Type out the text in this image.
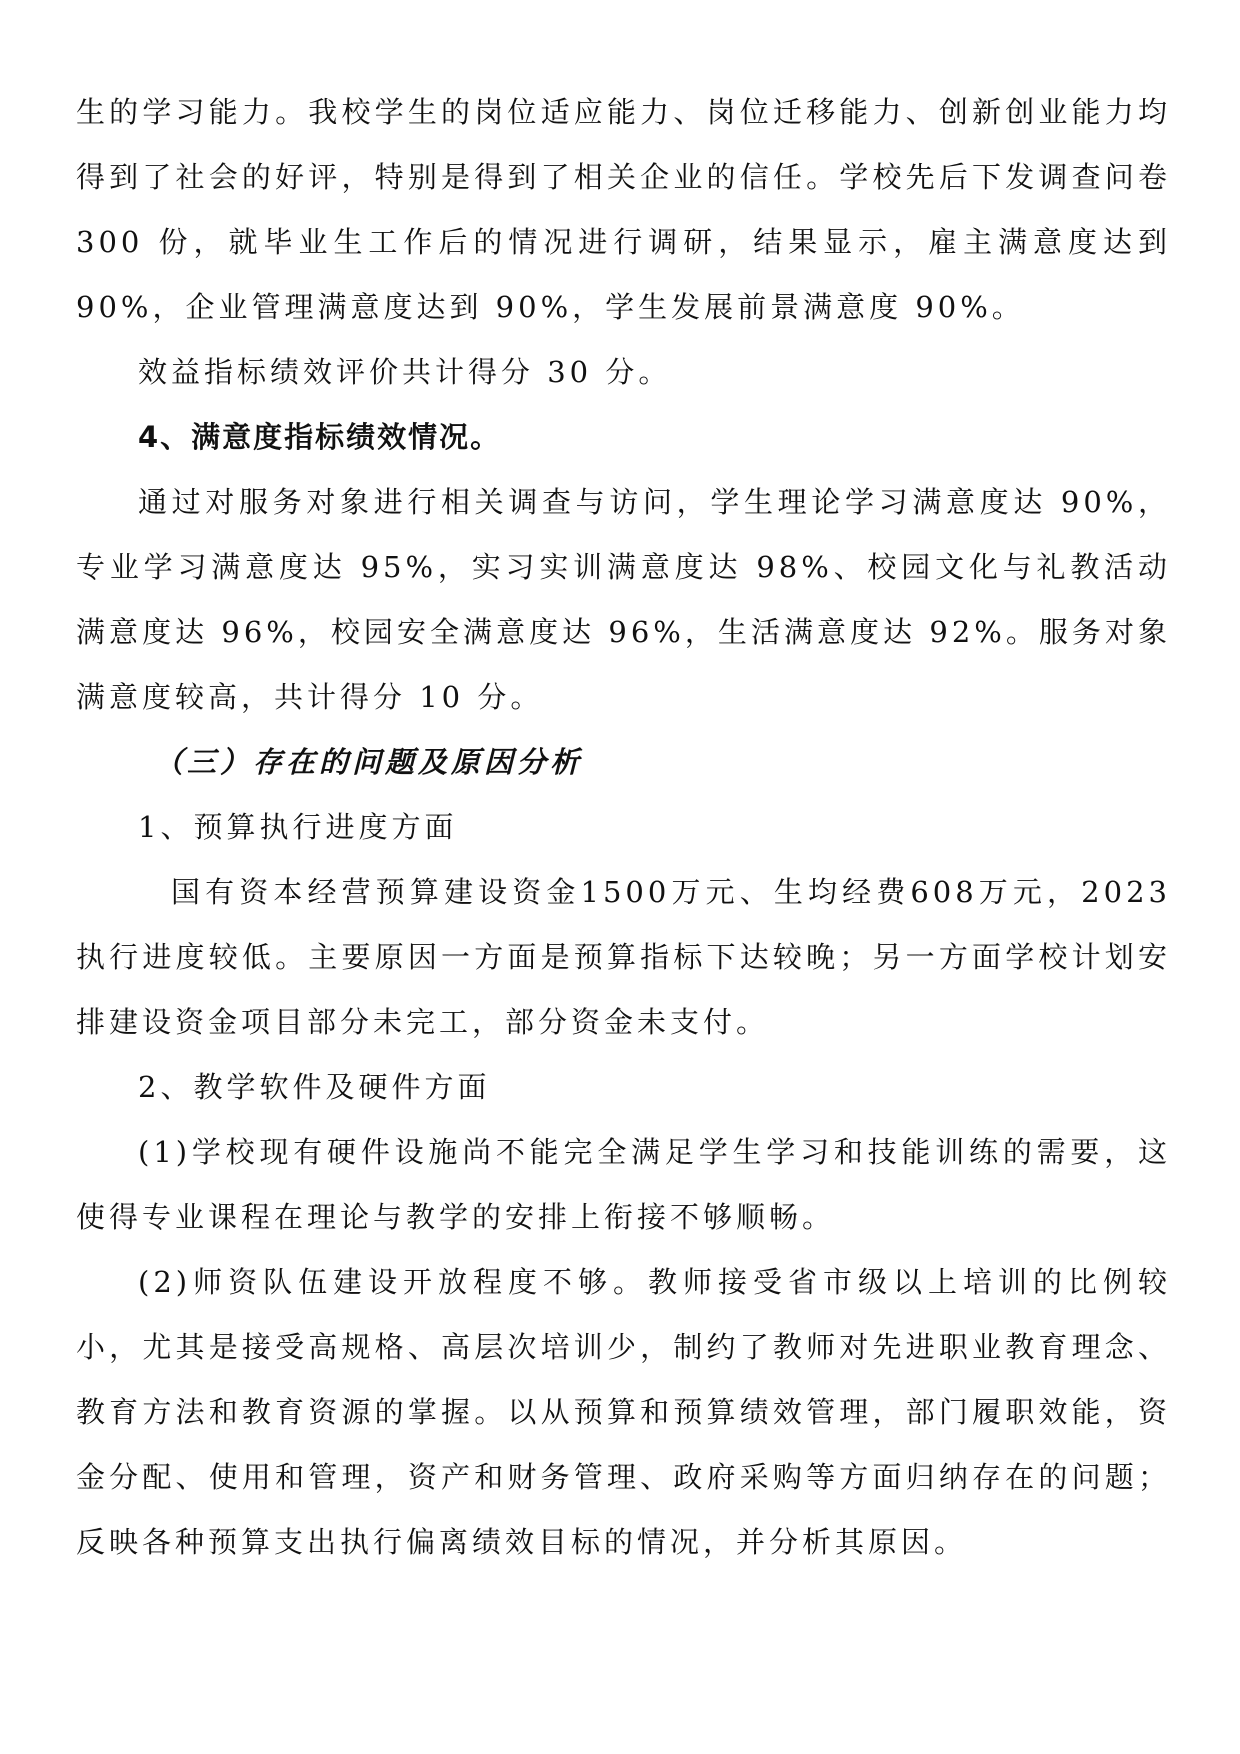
生的学习能力。我校学生的岗位适应能力、岗位迁移能力、创新创业能力均得到了社会的好评，特别是得到了相关企业的信任。学校先后下发调查问卷 300 份，就毕业生工作后的情况进行调研，结果显示，雇主满意度达到 90%，企业管理满意度达到 90%，学生发展前景满意度 90%。

效益指标绩效评价共计得分 30 分。

4、满意度指标绩效情况。

通过对服务对象进行相关调查与访问，学生理论学习满意度达 90%，专业学习满意度达 95%，实习实训满意度达 98%、校园文化与礼教活动满意度达 96%，校园安全满意度达 96%，生活满意度达 92%。服务对象满意度较高，共计得分 10 分。

（三）存在的问题及原因分析

1、预算执行进度方面

国有资本经营预算建设资金1500万元、生均经费608万元，2023执行进度较低。主要原因一方面是预算指标下达较晚；另一方面学校计划安排建设资金项目部分未完工，部分资金未支付。

2、教学软件及硬件方面

(1)学校现有硬件设施尚不能完全满足学生学习和技能训练的需要，这使得专业课程在理论与教学的安排上衔接不够顺畅。

(2)师资队伍建设开放程度不够。教师接受省市级以上培训的比例较小，尤其是接受高规格、高层次培训少，制约了教师对先进职业教育理念、教育方法和教育资源的掌握。以从预算和预算绩效管理，部门履职效能，资金分配、使用和管理，资产和财务管理、政府采购等方面归纳存在的问题；反映各种预算支出执行偏离绩效目标的情况，并分析其原因。
